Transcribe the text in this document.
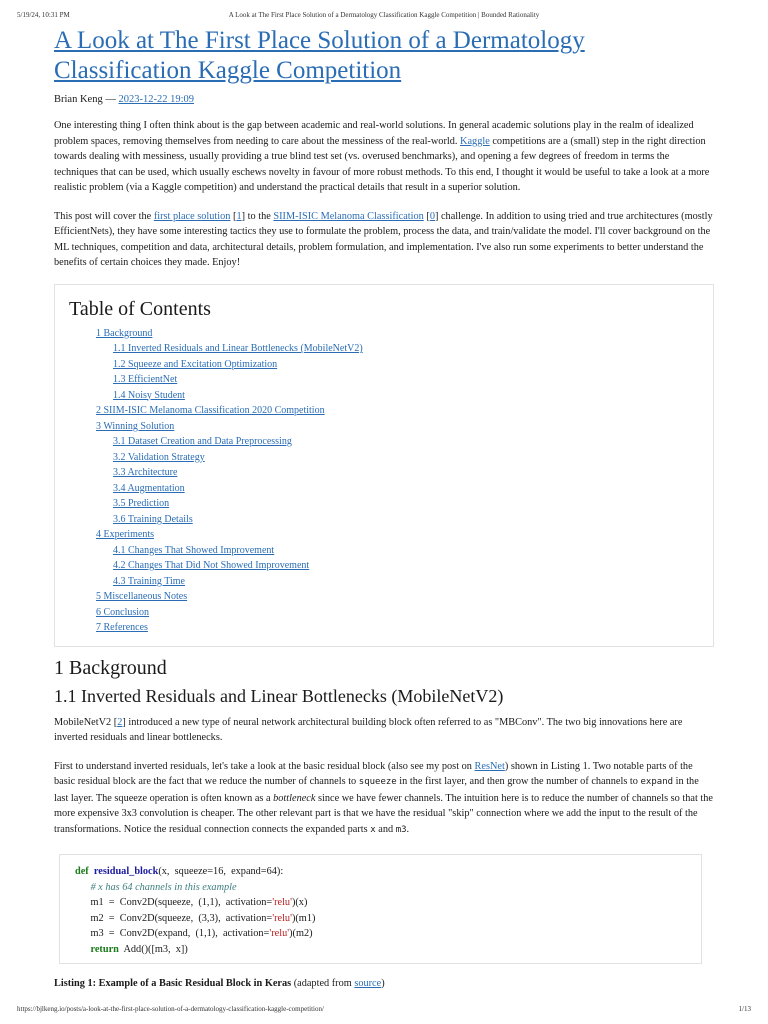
5/19/24, 10:31 PM	A Look at The First Place Solution of a Dermatology Classification Kaggle Competition | Bounded Rationality
A Look at The First Place Solution of a Dermatology Classification Kaggle Competition
Brian Keng — 2023-12-22 19:09

One interesting thing I often think about is the gap between academic and real-world solutions. In general academic solutions play in the realm of idealized problem spaces, removing themselves from needing to care about the messiness of the real-world. Kaggle competitions are a (small) step in the right direction towards dealing with messiness, usually providing a true blind test set (vs. overused benchmarks), and opening a few degrees of freedom in terms the techniques that can be used, which usually eschews novelty in favour of more robust methods. To this end, I thought it would be useful to take a look at a more realistic problem (via a Kaggle competition) and understand the practical details that result in a superior solution.

This post will cover the first place solution [1] to the SIIM-ISIC Melanoma Classification [0] challenge. In addition to using tried and true architectures (mostly EfficientNets), they have some interesting tactics they use to formulate the problem, process the data, and train/validate the model. I'll cover background on the ML techniques, competition and data, architectural details, problem formulation, and implementation. I've also run some experiments to better understand the benefits of certain choices they made. Enjoy!

Table of Contents
1 Background
1.1 Inverted Residuals and Linear Bottlenecks (MobileNetV2)
1.2 Squeeze and Excitation Optimization
1.3 EfficientNet
1.4 Noisy Student
2 SIIM-ISIC Melanoma Classification 2020 Competition
3 Winning Solution
3.1 Dataset Creation and Data Preprocessing
3.2 Validation Strategy
3.3 Architecture
3.4 Augmentation
3.5 Prediction
3.6 Training Details
4 Experiments
4.1 Changes That Showed Improvement
4.2 Changes That Did Not Showed Improvement
4.3 Training Time
5 Miscellaneous Notes
6 Conclusion
7 References
1 Background
1.1 Inverted Residuals and Linear Bottlenecks (MobileNetV2)

MobileNetV2 [2] introduced a new type of neural network architectural building block often referred to as "MBConv". The two big innovations here are inverted residuals and linear bottlenecks.

First to understand inverted residuals, let's take a look at the basic residual block (also see my post on ResNet) shown in Listing 1. Two notable parts of the basic residual block are the fact that we reduce the number of channels to squeeze in the first layer, and then grow the number of channels to expand in the last layer. The squeeze operation is often known as a bottleneck since we have fewer channels. The intuition here is to reduce the number of channels so that the more expensive 3x3 convolution is cheaper. The other relevant part is that we have the residual "skip" connection where we add the input to the result of the transformations. Notice the residual connection connects the expanded parts x and m3.

def residual_block(x,  squeeze=16,  expand=64):
# x has 64 channels in this example
m1  =  Conv2D(squeeze,  (1,1),  activation='relu')(x)
m2  =  Conv2D(squeeze,  (3,3),  activation='relu')(m1)
m3  =  Conv2D(expand,  (1,1),  activation='relu')(m2)
return  Add()([m3,  x])

Listing 1: Example of a Basic Residual Block in Keras (adapted from source)

https://bjlkeng.io/posts/a-look-at-the-first-place-solution-of-a-dermatology-classification-kaggle-competition/	1/13
